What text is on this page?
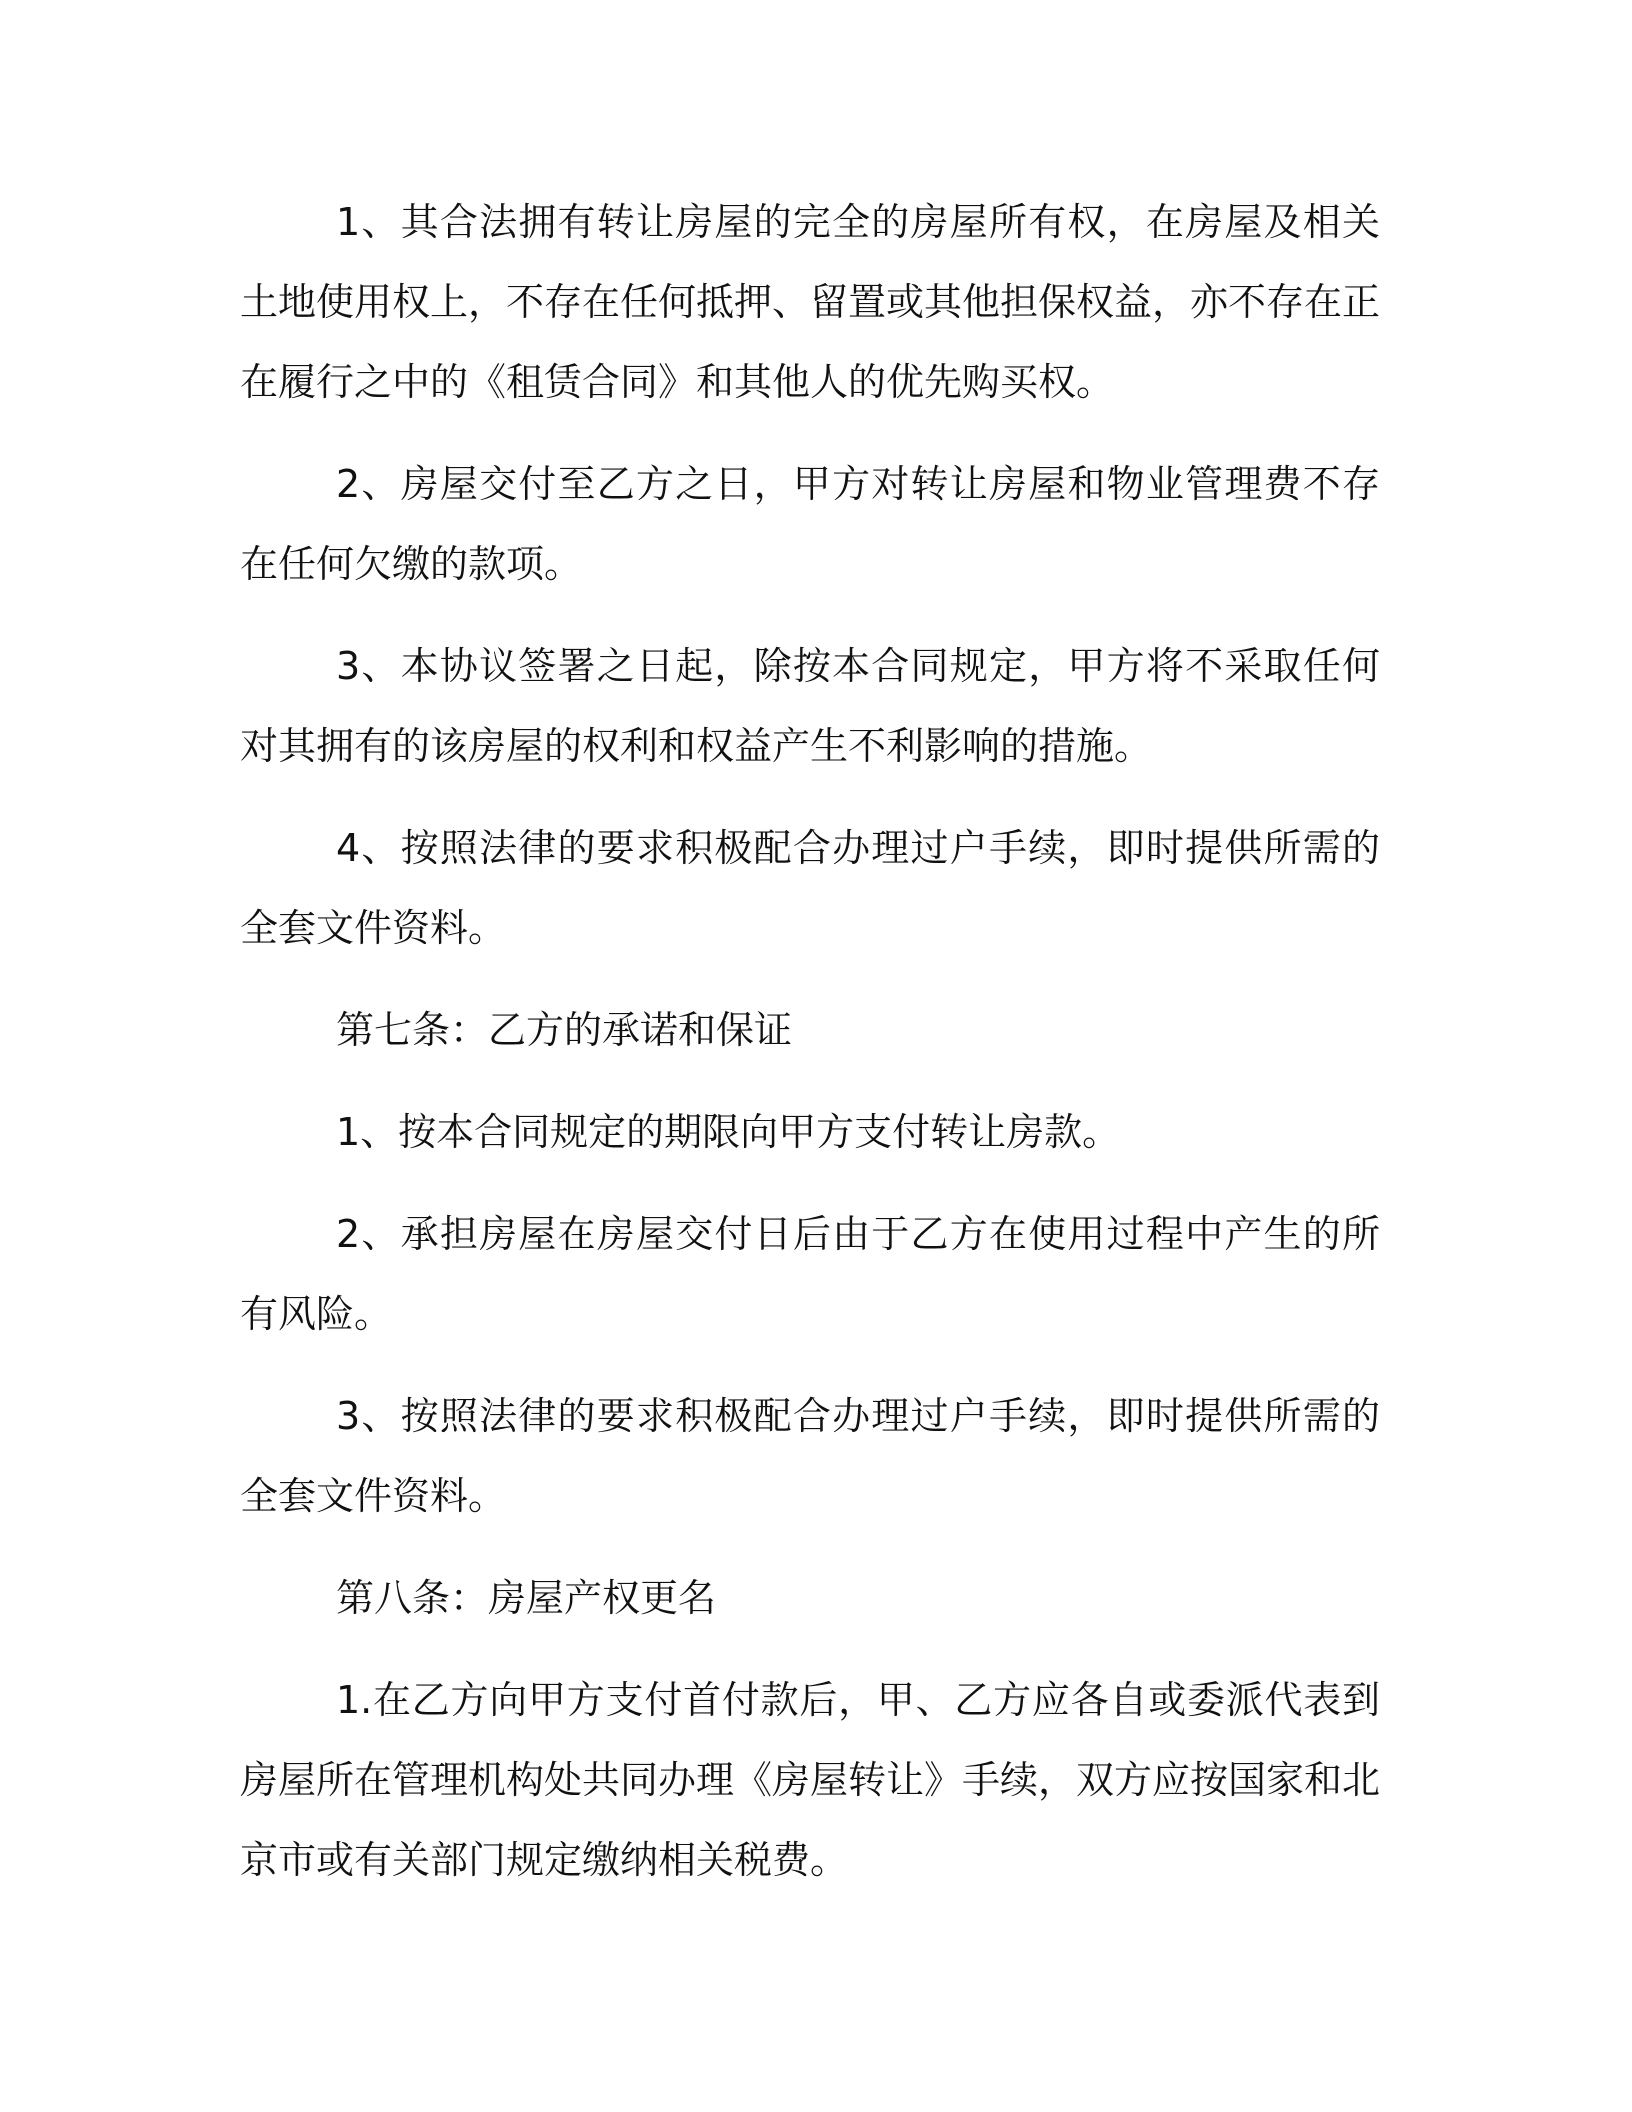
1、其合法拥有转让房屋的完全的房屋所有权，在房屋及相关土地使用权上，不存在任何抵押、留置或其他担保权益，亦不存在正在履行之中的《租赁合同》和其他人的优先购买权。

2、房屋交付至乙方之日，甲方对转让房屋和物业管理费不存在任何欠缴的款项。

3、本协议签署之日起，除按本合同规定，甲方将不采取任何对其拥有的该房屋的权利和权益产生不利影响的措施。

4、按照法律的要求积极配合办理过户手续，即时提供所需的全套文件资料。

第七条：乙方的承诺和保证

1、按本合同规定的期限向甲方支付转让房款。

2、承担房屋在房屋交付日后由于乙方在使用过程中产生的所有风险。

3、按照法律的要求积极配合办理过户手续，即时提供所需的全套文件资料。

第八条：房屋产权更名

1.在乙方向甲方支付首付款后，甲、乙方应各自或委派代表到房屋所在管理机构处共同办理《房屋转让》手续，双方应按国家和北京市或有关部门规定缴纳相关税费。
